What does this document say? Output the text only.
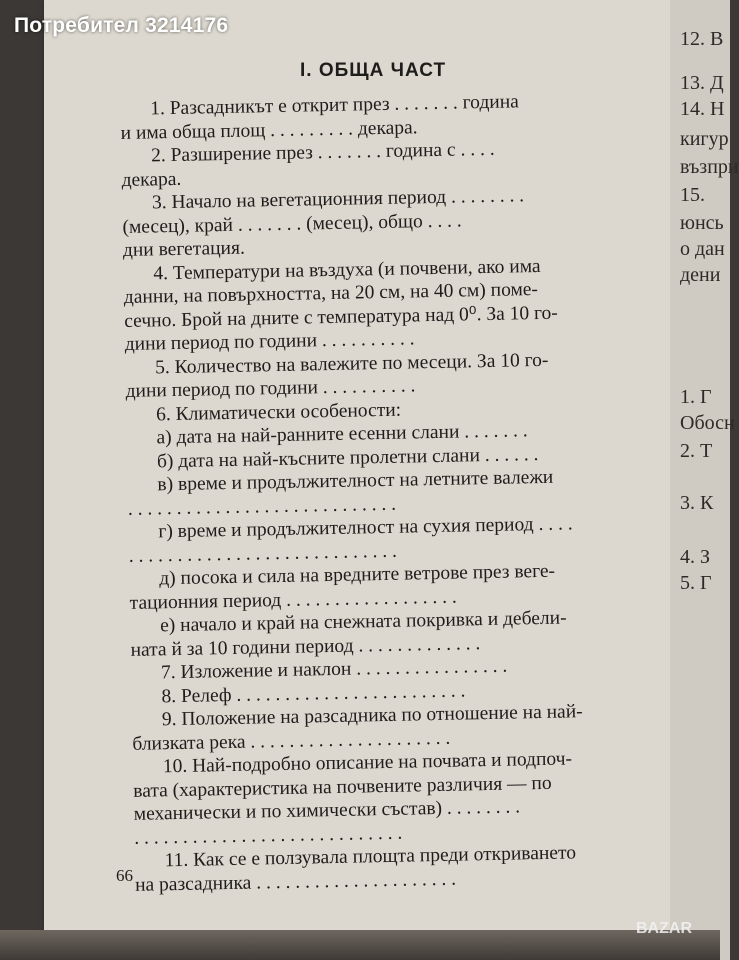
12. В
13. Д
14. Н
кигур
възпри
15.
юнсь
о дан
дени
1. Г
Обосн
2. Т
3. К
4. З
5. Г
I. ОБЩА ЧАСТ
1. Разсадникът е открит през . . . . . . . година
и има обща площ . . . . . . . . . декара.
2. Разширение през . . . . . . . година с . . . .
декара.
3. Начало на вегетационния период . . . . . . . .
(месец), край . . . . . . . (месец), общо . . . .
дни вегетация.
4. Температури на въздуха (и почвени, ако има
данни, на повърхността, на 20 см, на 40 см) поме-
сечно. Брой на дните с температура над 0⁰. За 10 го-
дини период по години . . . . . . . . . .
5. Количество на валежите по месеци. За 10 го-
дини период по години . . . . . . . . . .
6. Климатически особености:
а) дата на най-ранните есенни слани . . . . . . .
б) дата на най-късните пролетни слани . . . . . .
в) време и продължителност на летните валежи
. . . . . . . . . . . . . . . . . . . . . . . . . . . .
г) време и продължителност на сухия период . . . .
. . . . . . . . . . . . . . . . . . . . . . . . . . . .
д) посока и сила на вредните ветрове през веге-
тационния период . . . . . . . . . . . . . . . . . .
е) начало и край на снежната покривка и дебели-
ната й за 10 години период . . . . . . . . . . . . .
7. Изложение и наклон . . . . . . . . . . . . . . . .
8. Релеф . . . . . . . . . . . . . . . . . . . . . . . .
9. Положение на разсадника по отношение на най-
близката река . . . . . . . . . . . . . . . . . . . . .
10. Най-подробно описание на почвата и подпоч-
вата (характеристика на почвените различия — по
механически и по химически състав) . . . . . . . .
. . . . . . . . . . . . . . . . . . . . . . . . . . . .
11. Как се е ползувала площта преди откриването
на разсадника . . . . . . . . . . . . . . . . . . . . .
66
Потребител 3214176
BAZAR
